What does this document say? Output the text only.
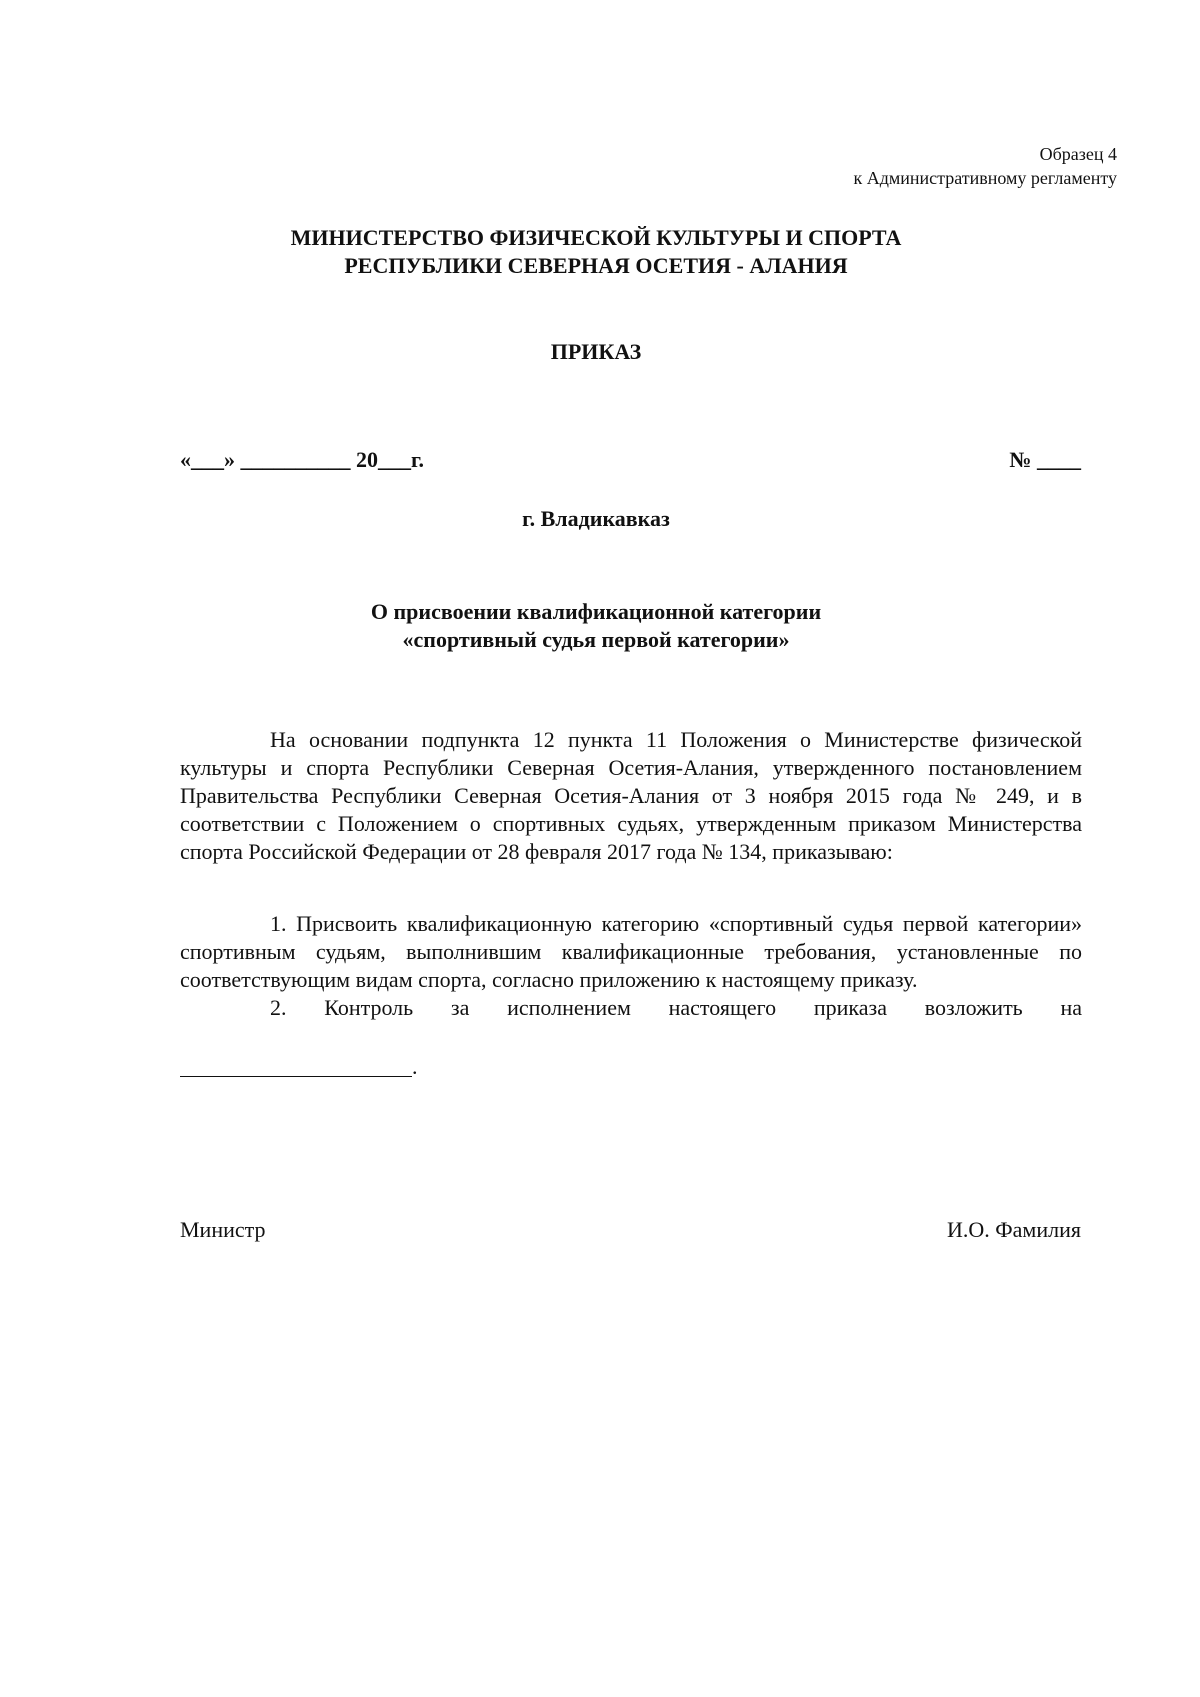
Образец 4
к Административному регламенту
МИНИСТЕРСТВО ФИЗИЧЕСКОЙ КУЛЬТУРЫ И СПОРТА
РЕСПУБЛИКИ СЕВЕРНАЯ ОСЕТИЯ - АЛАНИЯ
ПРИКАЗ
«___» __________ 20___г.	№ ____
г. Владикавказ
О присвоении квалификационной категории
«спортивный судья первой категории»

На основании подпункта 12 пункта 11 Положения о Министерстве физической культуры и спорта Республики Северная Осетия-Алания, утвержденного постановлением Правительства Республики Северная Осетия-Алания от 3 ноября 2015 года № 249, и в соответствии с Положением о спортивных судьях, утвержденным приказом Министерства спорта Российской Федерации от 28 февраля 2017 года № 134, приказываю:

1. Присвоить квалификационную категорию «спортивный судья первой категории» спортивным судьям, выполнившим квалификационные требования, установленные по соответствующим видам спорта, согласно приложению к настоящему приказу.

2. Контроль за исполнением настоящего приказа возложить на

.
Министр	И.О. Фамилия
